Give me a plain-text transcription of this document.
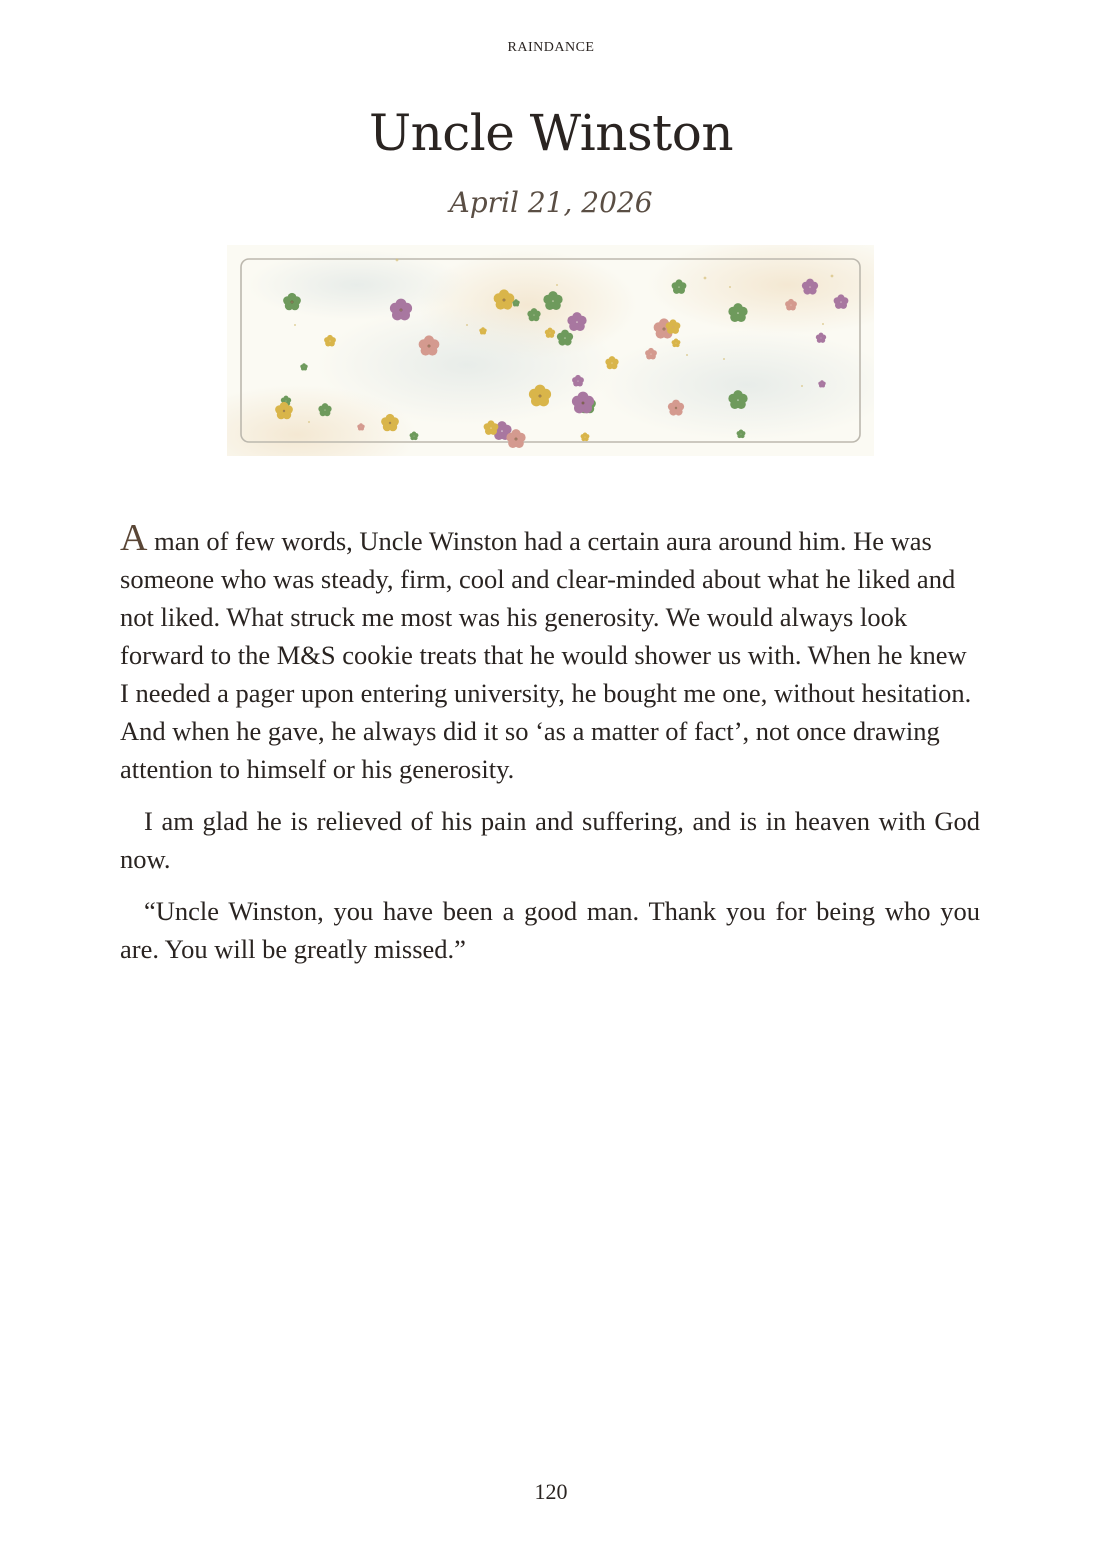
RAINDANCE
Uncle Winston
April 21, 2026

A man of few words, Uncle Winston had a certain aura around him. He was someone who was steady, firm, cool and clear-minded about what he liked and not liked. What struck me most was his generosity. We would always look forward to the M&S cookie treats that he would shower us with. When he knew I needed a pager upon entering university, he bought me one, without hesitation. And when he gave, he always did it so ‘as a matter of fact’, not once drawing attention to himself or his generosity.

I am glad he is relieved of his pain and suffering, and is in heaven with God now.

“Uncle Winston, you have been a good man. Thank you for being who you are. You will be greatly missed.”

120
